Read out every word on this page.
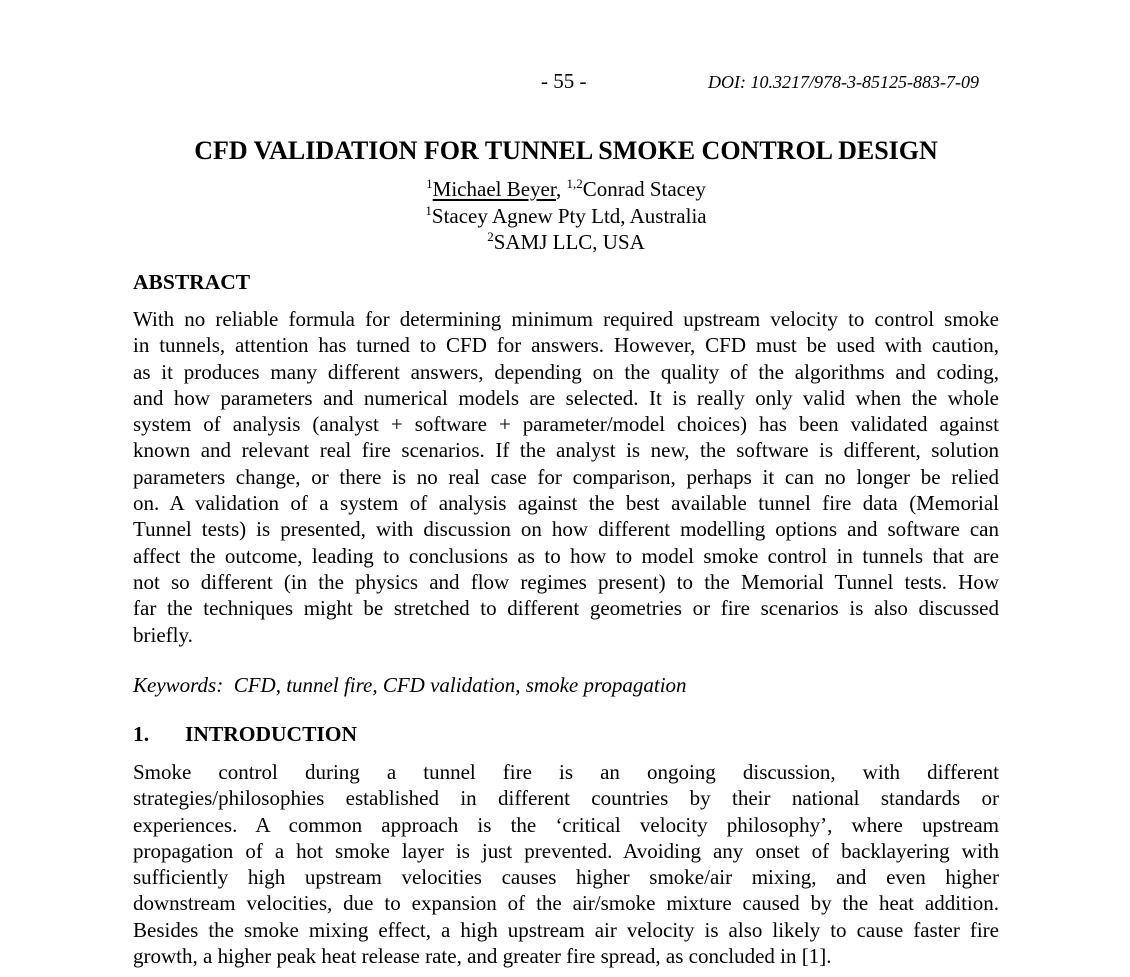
- 55 -	DOI: 10.3217/978-3-85125-883-7-09
CFD VALIDATION FOR TUNNEL SMOKE CONTROL DESIGN
$^1$Michael Beyer, $^{1,2}$Conrad Stacey
$^1$Stacey Agnew Pty Ltd, Australia
$^2$SAMJ LLC, USA
ABSTRACT

With no reliable formula for determining minimum required upstream velocity to control smoke
in tunnels, attention has turned to CFD for answers. However, CFD must be used with caution,
as it produces many different answers, depending on the quality of the algorithms and coding,
and how parameters and numerical models are selected. It is really only valid when the whole
system of analysis (analyst + software + parameter/model choices) has been validated against
known and relevant real fire scenarios. If the analyst is new, the software is different, solution
parameters change, or there is no real case for comparison, perhaps it can no longer be relied
on. A validation of a system of analysis against the best available tunnel fire data (Memorial
Tunnel tests) is presented, with discussion on how different modelling options and software can
affect the outcome, leading to conclusions as to how to model smoke control in tunnels that are
not so different (in the physics and flow regimes present) to the Memorial Tunnel tests. How
far the techniques might be stretched to different geometries or fire scenarios is also discussed
briefly.

Keywords:  CFD, tunnel fire, CFD validation, smoke propagation
1. INTRODUCTION

Smoke control during a tunnel fire is an ongoing discussion, with different
strategies/philosophies established in different countries by their national standards or
experiences. A common approach is the ‘critical velocity philosophy’, where upstream
propagation of a hot smoke layer is just prevented. Avoiding any onset of backlayering with
sufficiently high upstream velocities causes higher smoke/air mixing, and even higher
downstream velocities, due to expansion of the air/smoke mixture caused by the heat addition.
Besides the smoke mixing effect, a high upstream air velocity is also likely to cause faster fire
growth, a higher peak heat release rate, and greater fire spread, as concluded in [1].
